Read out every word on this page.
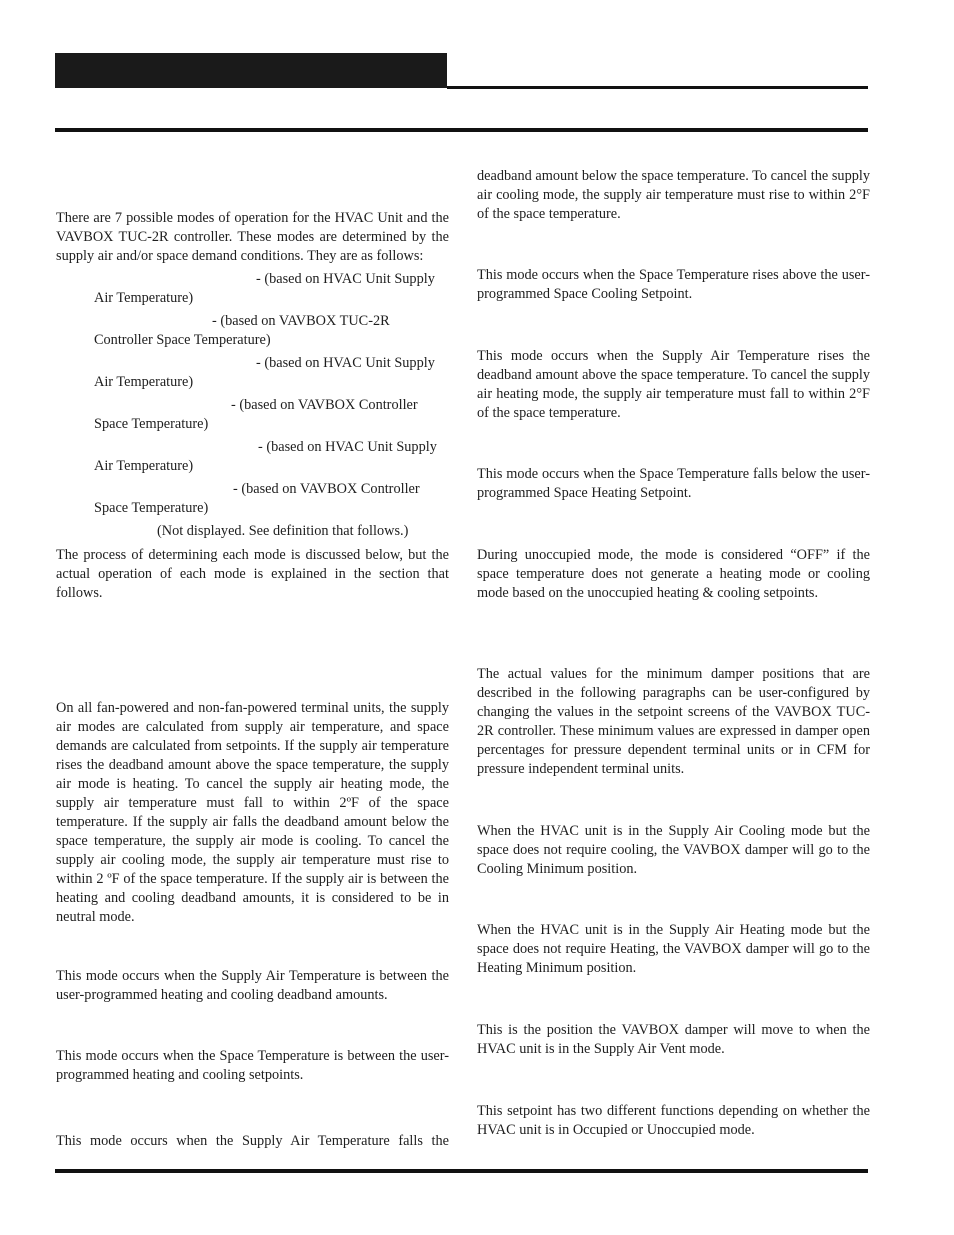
There are 7 possible modes of operation for the HVAC Unit and the VAVBOX TUC-2R controller. These modes are determined by the supply air and/or space demand conditions. They are as follows:

- (based on HVAC Unit Supply
Air Temperature)
- (based on VAVBOX TUC-2R
Controller Space Temperature)
- (based on HVAC Unit Supply
Air Temperature)
- (based on VAVBOX Controller
Space Temperature)
- (based on HVAC Unit Supply
Air Temperature)
- (based on VAVBOX Controller
Space Temperature)
(Not displayed. See definition that follows.)

The process of determining each mode is discussed below, but the actual operation of each mode is explained in the section that follows.

On all fan-powered and non-fan-powered terminal units, the supply air modes are calculated from supply air temperature, and space demands are calculated from setpoints. If the supply air temperature rises the deadband amount above the space temperature, the supply air mode is heating. To cancel the supply air heating mode, the supply air temperature must fall to within 2ºF of the space temperature. If the supply air falls the deadband amount below the space temperature, the supply air mode is cooling. To cancel the supply air cooling mode, the supply air temperature must rise to within 2 ºF of the space temperature. If the supply air is between the heating and cooling deadband amounts, it is considered to be in neutral mode.

This mode occurs when the Supply Air Temperature is between the user-programmed heating and cooling deadband amounts.

This mode occurs when the Space Temperature is between the user-programmed heating and cooling setpoints.

This mode occurs when the Supply Air Temperature falls the

deadband amount below the space temperature. To cancel the supply air cooling mode, the supply air temperature must rise to within 2°F of the space temperature.

This mode occurs when the Space Temperature rises above the user-programmed Space Cooling Setpoint.

This mode occurs when the Supply Air Temperature rises the deadband amount above the space temperature. To cancel the supply air heating mode, the supply air temperature must fall to within 2°F of the space temperature.

This mode occurs when the Space Temperature falls below the user-programmed Space Heating Setpoint.

During unoccupied mode, the mode is considered “OFF” if the space temperature does not generate a heating mode or cooling mode based on the unoccupied heating & cooling setpoints.

The actual values for the minimum damper positions that are described in the following paragraphs can be user-configured by changing the values in the setpoint screens of the VAVBOX TUC-2R controller. These minimum values are expressed in damper open percentages for pressure dependent terminal units or in CFM for pressure independent terminal units.

When the HVAC unit is in the Supply Air Cooling mode but the space does not require cooling, the VAVBOX damper will go to the Cooling Minimum position.

When the HVAC unit is in the Supply Air Heating mode but the space does not require Heating, the VAVBOX damper will go to the Heating Minimum position.

This is the position the VAVBOX damper will move to when the HVAC unit is in the Supply Air Vent mode.

This setpoint has two different functions depending on whether the HVAC unit is in Occupied or Unoccupied mode.
